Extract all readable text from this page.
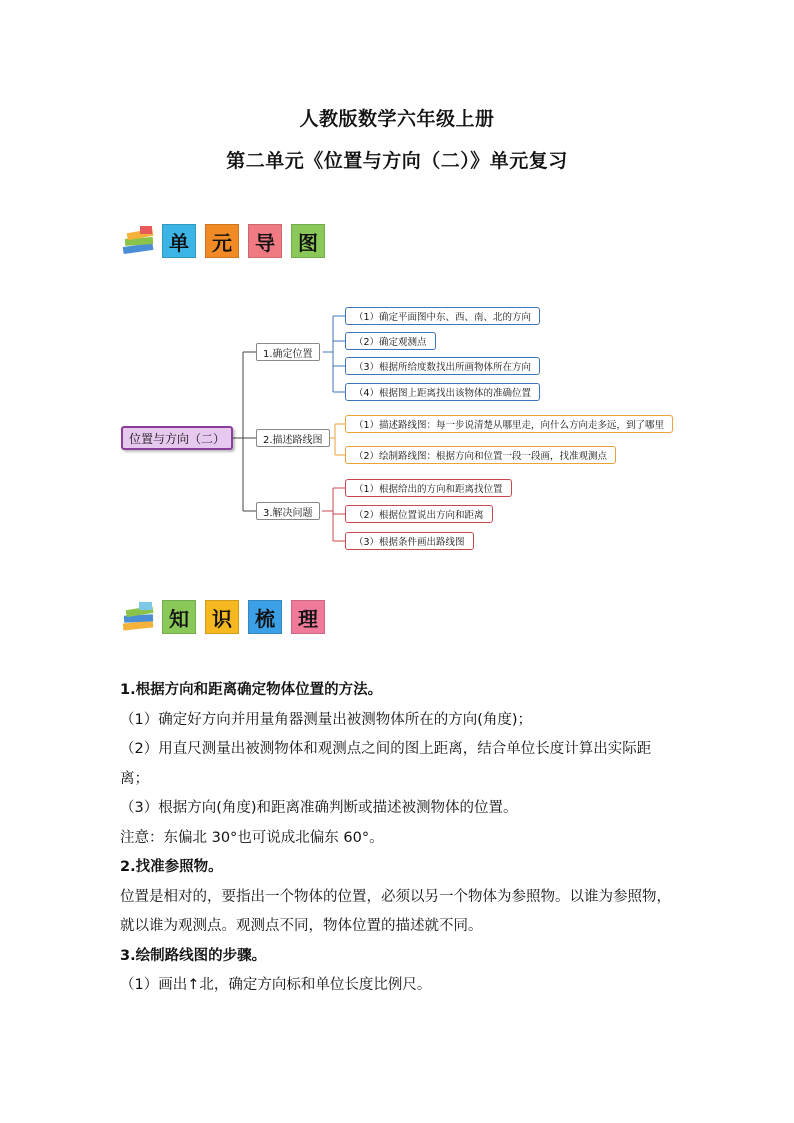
人教版数学六年级上册
第二单元《位置与方向（二）》单元复习
单	元	导	图
位置与方向（二）
1.确定位置
2.描述路线图
3.解决问题
（1）确定平面图中东、西、南、北的方向
（2）确定观测点
（3）根据所给度数找出所画物体所在方向
（4）根据图上距离找出该物体的准确位置
（1）描述路线图：每一步说清楚从哪里走，向什么方向走多远，到了哪里
（2）绘制路线图：根据方向和位置一段一段画，找准观测点
（1）根据给出的方向和距离找位置
（2）根据位置说出方向和距离
（3）根据条件画出路线图
知	识	梳	理

1.根据方向和距离确定物体位置的方法。

（1）确定好方向并用量角器测量出被测物体所在的方向(角度)；

（2）用直尺测量出被测物体和观测点之间的图上距离，结合单位长度计算出实际距离；

（3）根据方向(角度)和距离准确判断或描述被测物体的位置。

注意：东偏北 30°也可说成北偏东 60°。

2.找准参照物。

位置是相对的，要指出一个物体的位置，必须以另一个物体为参照物。以谁为参照物，就以谁为观测点。观测点不同，物体位置的描述就不同。

3.绘制路线图的步骤。

（1）画出↑北，确定方向标和单位长度比例尺。
